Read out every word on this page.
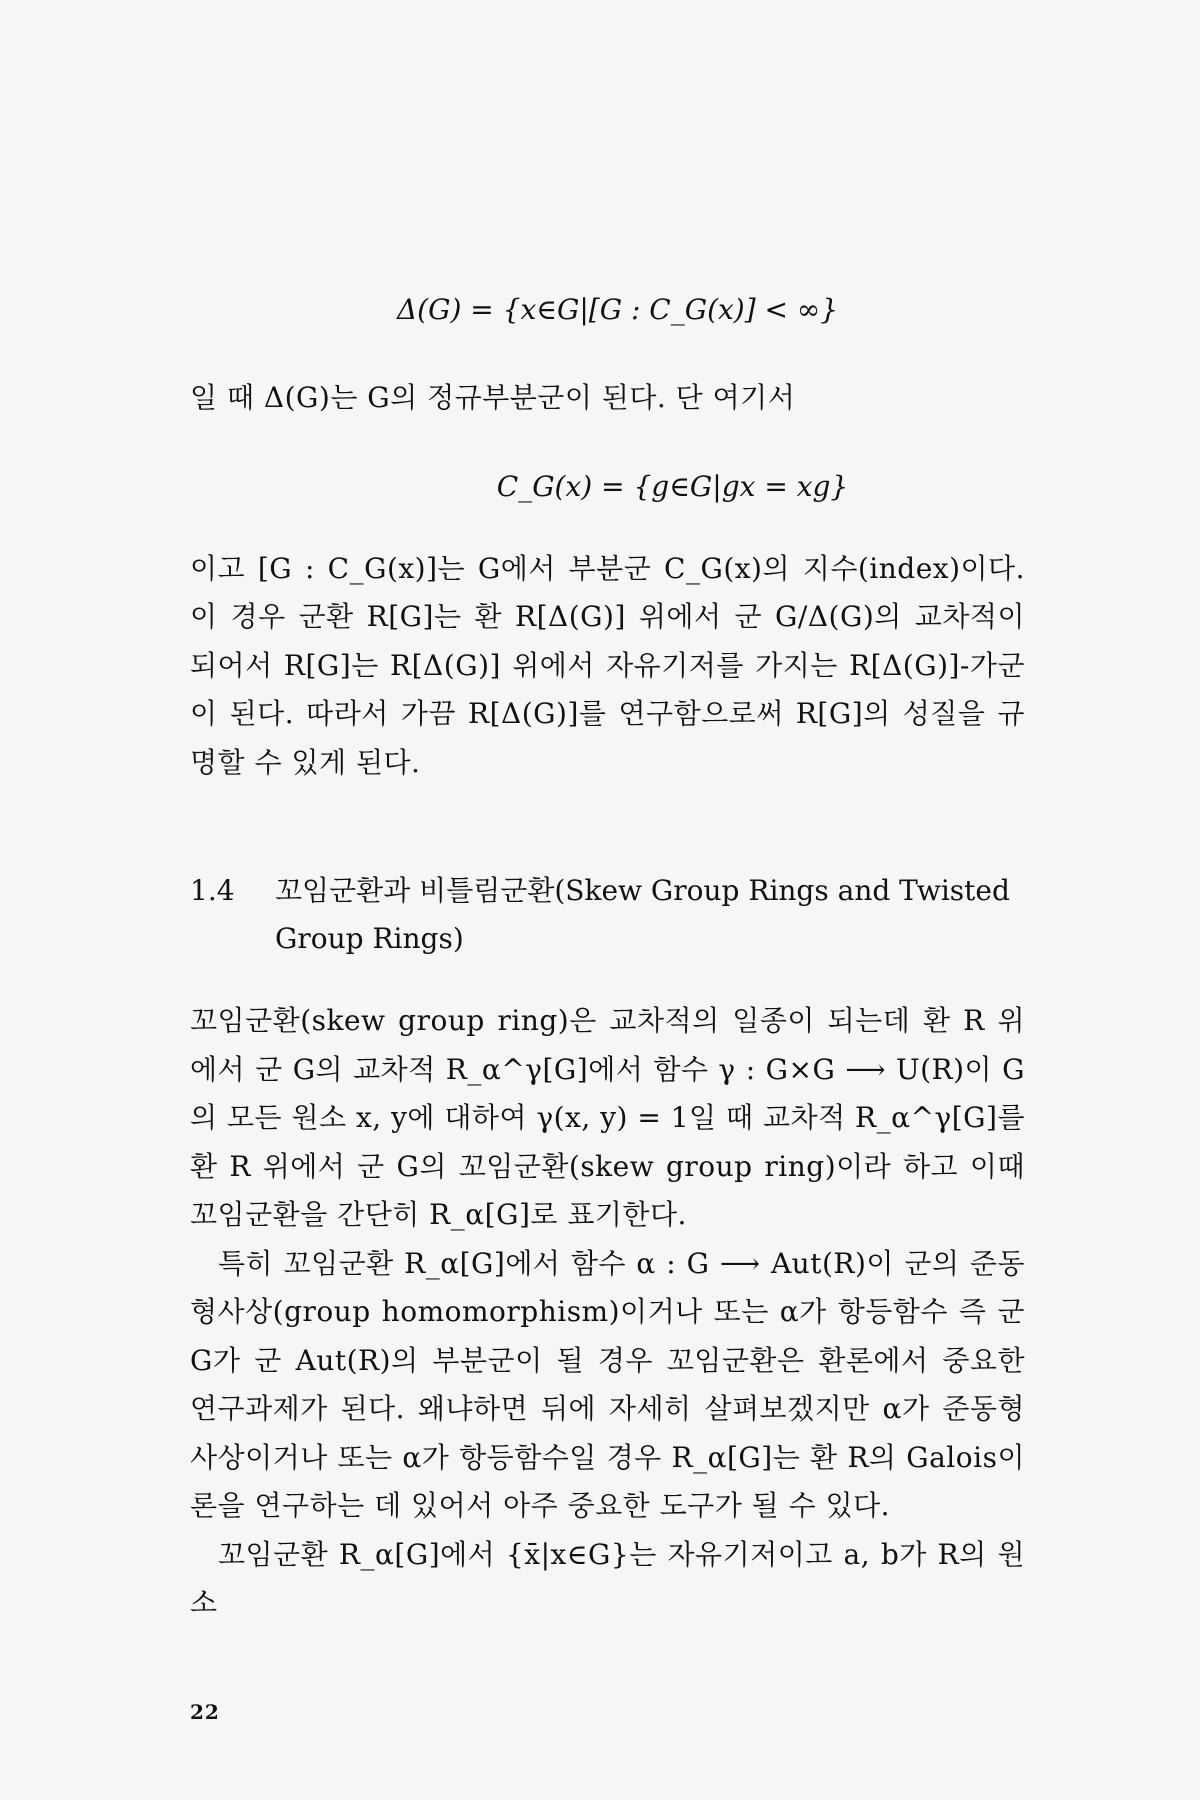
Δ(G) = {x∈G|[G : C_G(x)] < ∞}

일 때 Δ(G)는 G의 정규부분군이 된다. 단 여기서

C_G(x) = {g∈G|gx = xg}

이고 [G : C_G(x)]는 G에서 부분군 C_G(x)의 지수(index)이다. 이 경우 군환 R[G]는 환 R[Δ(G)] 위에서 군 G/Δ(G)의 교차적이 되어서 R[G]는 R[Δ(G)] 위에서 자유기저를 가지는 R[Δ(G)]-가군이 된다. 따라서 가끔 R[Δ(G)]를 연구함으로써 R[G]의 성질을 규명할 수 있게 된다.

1.4	꼬임군환과 비틀림군환(Skew Group Rings and Twisted Group Rings)

꼬임군환(skew group ring)은 교차적의 일종이 되는데 환 R 위에서 군 G의 교차적 R_α^γ[G]에서 함수 γ : G×G ⟶ U(R)이 G의 모든 원소 x, y에 대하여 γ(x, y) = 1일 때 교차적 R_α^γ[G]를 환 R 위에서 군 G의 꼬임군환(skew group ring)이라 하고 이때 꼬임군환을 간단히 R_α[G]로 표기한다.

특히 꼬임군환 R_α[G]에서 함수 α : G ⟶ Aut(R)이 군의 준동형사상(group homomorphism)이거나 또는 α가 항등함수 즉 군 G가 군 Aut(R)의 부분군이 될 경우 꼬임군환은 환론에서 중요한 연구과제가 된다. 왜냐하면 뒤에 자세히 살펴보겠지만 α가 준동형사상이거나 또는 α가 항등함수일 경우 R_α[G]는 환 R의 Galois이론을 연구하는 데 있어서 아주 중요한 도구가 될 수 있다.

꼬임군환 R_α[G]에서 {x̄|x∈G}는 자유기저이고 a, b가 R의 원소

22
